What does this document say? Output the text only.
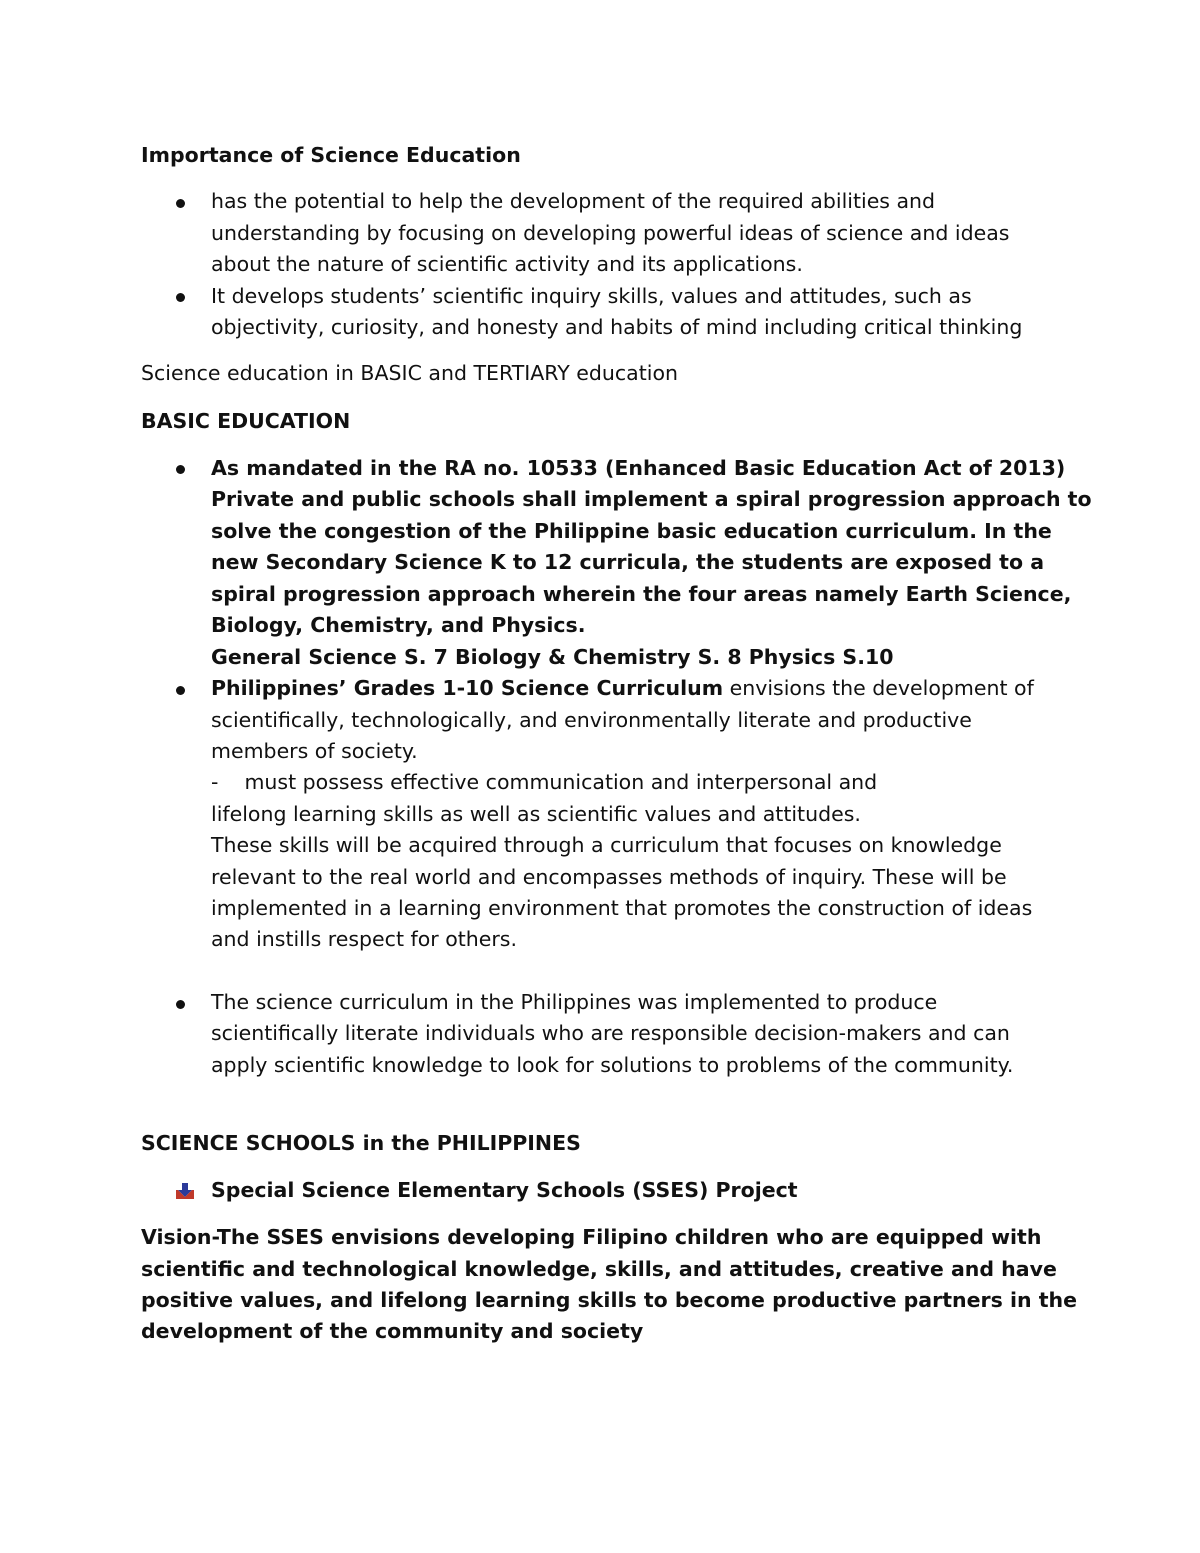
Importance of Science Education
has the potential to help the development of the required abilities and
understanding by focusing on developing powerful ideas of science and ideas
about the nature of scientific activity and its applications.
It develops students’ scientific inquiry skills, values and attitudes, such as
objectivity, curiosity, and honesty and habits of mind including critical thinking
Science education in BASIC and TERTIARY education
BASIC EDUCATION
As mandated in the RA no. 10533 (Enhanced Basic Education Act of 2013)
Private and public schools shall implement a spiral progression approach to
solve the congestion of the Philippine basic education curriculum. In the
new Secondary Science K to 12 curricula, the students are exposed to a
spiral progression approach wherein the four areas namely Earth Science,
Biology, Chemistry, and Physics.
General Science S. 7 Biology & Chemistry S. 8 Physics S.10
Philippines’ Grades 1-10 Science Curriculum envisions the development of
scientifically, technologically, and environmentally literate and productive
members of society.
-    must possess effective communication and interpersonal and
lifelong learning skills as well as scientific values and attitudes.
These skills will be acquired through a curriculum that focuses on knowledge
relevant to the real world and encompasses methods of inquiry. These will be
implemented in a learning environment that promotes the construction of ideas
and instills respect for others.
The science curriculum in the Philippines was implemented to produce
scientifically literate individuals who are responsible decision-makers and can
apply scientific knowledge to look for solutions to problems of the community.
SCIENCE SCHOOLS in the PHILIPPINES
Special Science Elementary Schools (SSES) Project
Vision-The SSES envisions developing Filipino children who are equipped with
scientific and technological knowledge, skills, and attitudes, creative and have
positive values, and lifelong learning skills to become productive partners in the
development of the community and society
